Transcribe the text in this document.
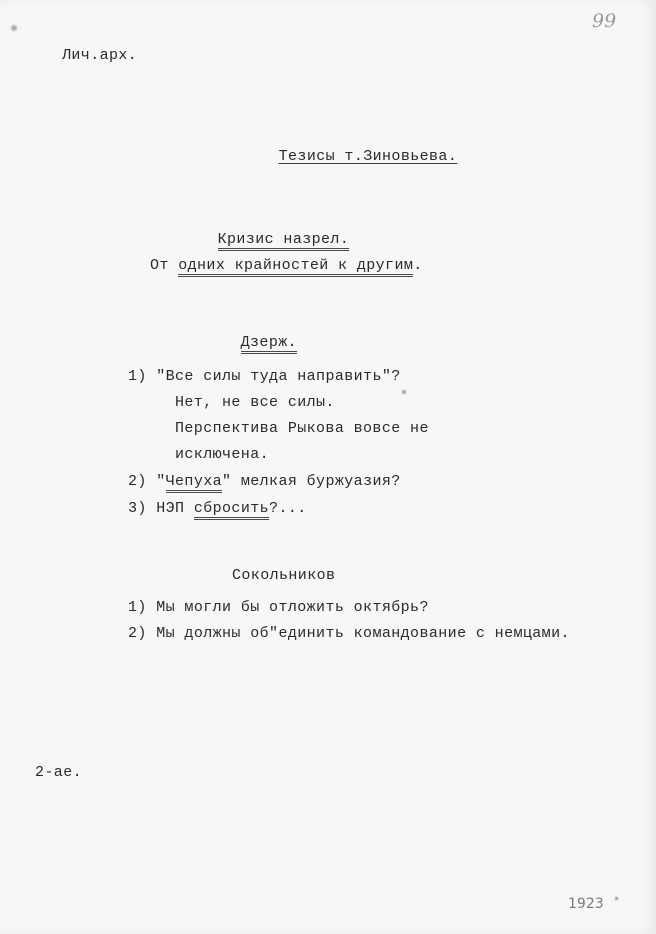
99
Лич.арх.

Тезисы т.Зиновьева.

Кризис назрел.

От одних крайностей к другим.

Дзерж.

1) "Все силы туда направить"?
Нет, не все силы.
Перспектива Рыкова вовсе не
исключена.
2) "Чепуха" мелкая буржуазия?
3) НЭП сбросить?...
Сокольников
1) Мы могли бы отложить октябрь?
2) Мы должны об"единить командование с немцами.
2-ае.
1923
